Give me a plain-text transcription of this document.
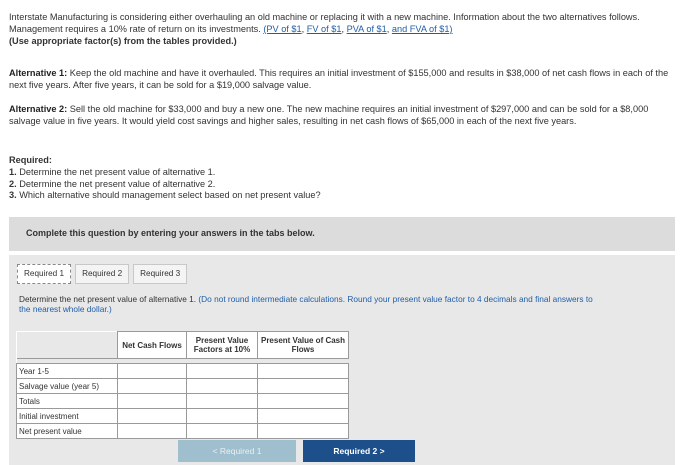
Interstate Manufacturing is considering either overhauling an old machine or replacing it with a new machine. Information about the two alternatives follows. Management requires a 10% rate of return on its investments. (PV of $1, FV of $1, PVA of $1, and FVA of $1)
(Use appropriate factor(s) from the tables provided.)
Alternative 1: Keep the old machine and have it overhauled. This requires an initial investment of $155,000 and results in $38,000 of net cash flows in each of the next five years. After five years, it can be sold for a $19,000 salvage value.
Alternative 2: Sell the old machine for $33,000 and buy a new one. The new machine requires an initial investment of $297,000 and can be sold for a $8,000 salvage value in five years. It would yield cost savings and higher sales, resulting in net cash flows of $65,000 in each of the next five years.
Required:
1. Determine the net present value of alternative 1.
2. Determine the net present value of alternative 2.
3. Which alternative should management select based on net present value?
Complete this question by entering your answers in the tabs below.
Required 1	Required 2	Required 3
Determine the net present value of alternative 1. (Do not round intermediate calculations. Round your present value factor to 4 decimals and final answers to the nearest whole dollar.)
	Net Cash Flows	Present Value Factors at 10%	Present Value of Cash Flows

Year 1-5			
Salvage value (year 5)			
Totals			
Initial investment			
Net present value			
< Required 1	Required 2 >
